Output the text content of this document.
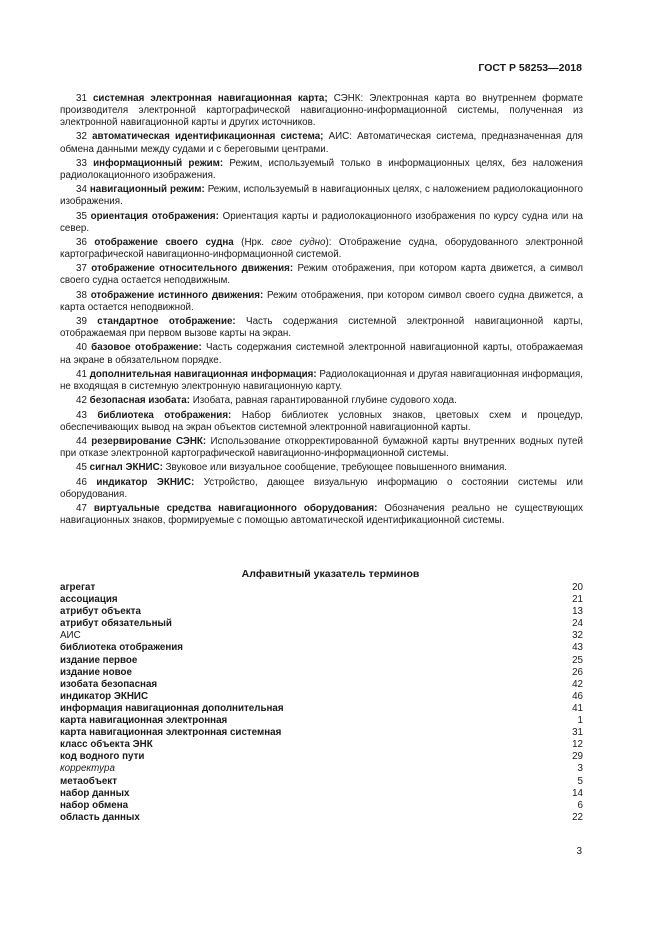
ГОСТ Р 58253—2018

31 системная электронная навигационная карта; СЭНК: Электронная карта во внутреннем формате производителя электронной картографической навигационно-информационной системы, полученная из электронной навигационной карты и других источников.

32 автоматическая идентификационная система; АИС: Автоматическая система, предназначенная для обмена данными между судами и с береговыми центрами.

33 информационный режим: Режим, используемый только в информационных целях, без наложения радиолокационного изображения.

34 навигационный режим: Режим, используемый в навигационных целях, с наложением радиолокационного изображения.

35 ориентация отображения: Ориентация карты и радиолокационного изображения по курсу судна или на север.

36 отображение своего судна (Нрк. свое судно): Отображение судна, оборудованного электронной картографической навигационно-информационной системой.

37 отображение относительного движения: Режим отображения, при котором карта движется, а символ своего судна остается неподвижным.

38 отображение истинного движения: Режим отображения, при котором символ своего судна движется, а карта остается неподвижной.

39 стандартное отображение: Часть содержания системной электронной навигационной карты, отображаемая при первом вызове карты на экран.

40 базовое отображение: Часть содержания системной электронной навигационной карты, отображаемая на экране в обязательном порядке.

41 дополнительная навигационная информация: Радиолокационная и другая навигационная информация, не входящая в системную электронную навигационную карту.

42 безопасная изобата: Изобата, равная гарантированной глубине судового хода.

43 библиотека отображения: Набор библиотек условных знаков, цветовых схем и процедур, обеспечивающих вывод на экран объектов системной электронной навигационной карты.

44 резервирование СЭНК: Использование откорректированной бумажной карты внутренних водных путей при отказе электронной картографической навигационно-информационной системы.

45 сигнал ЭКНИС: Звуковое или визуальное сообщение, требующее повышенного внимания.

46 индикатор ЭКНИС: Устройство, дающее визуальную информацию о состоянии системы или оборудования.

47 виртуальные средства навигационного оборудования: Обозначения реально не существующих навигационных знаков, формируемые с помощью автоматической идентификационной системы.

Алфавитный указатель терминов
агрегат	20
ассоциация	21
атрибут объекта	13
атрибут обязательный	24
АИС	32
библиотека отображения	43
издание первое	25
издание новое	26
изобата безопасная	42
индикатор ЭКНИС	46
информация навигационная дополнительная	41
карта навигационная электронная	1
карта навигационная электронная системная	31
класс объекта ЭНК	12
код водного пути	29
корректура	3
метаобъект	5
набор данных	14
набор обмена	6
область данных	22
3
